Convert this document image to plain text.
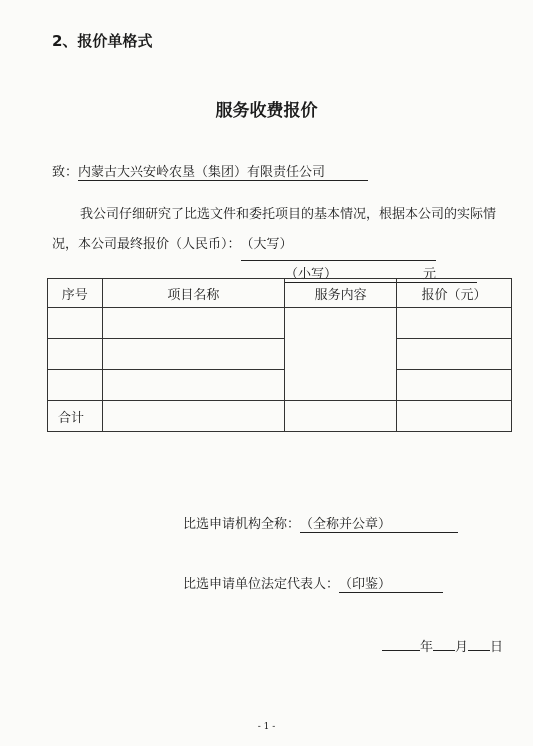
2、报价单格式
服务收费报价
致：内蒙古大兴安岭农垦（集团）有限责任公司
我公司仔细研究了比选文件和委托项目的基本情况，根据本公司的实际情况，本公司最终报价（人民币）：（大写）
（小写）	元
序号	项目名称	服务内容	报价（元）

合计			
比选申请机构全称：（全称并公章）
比选申请单位法定代表人：（印鉴）
年 月 日
- 1 -
